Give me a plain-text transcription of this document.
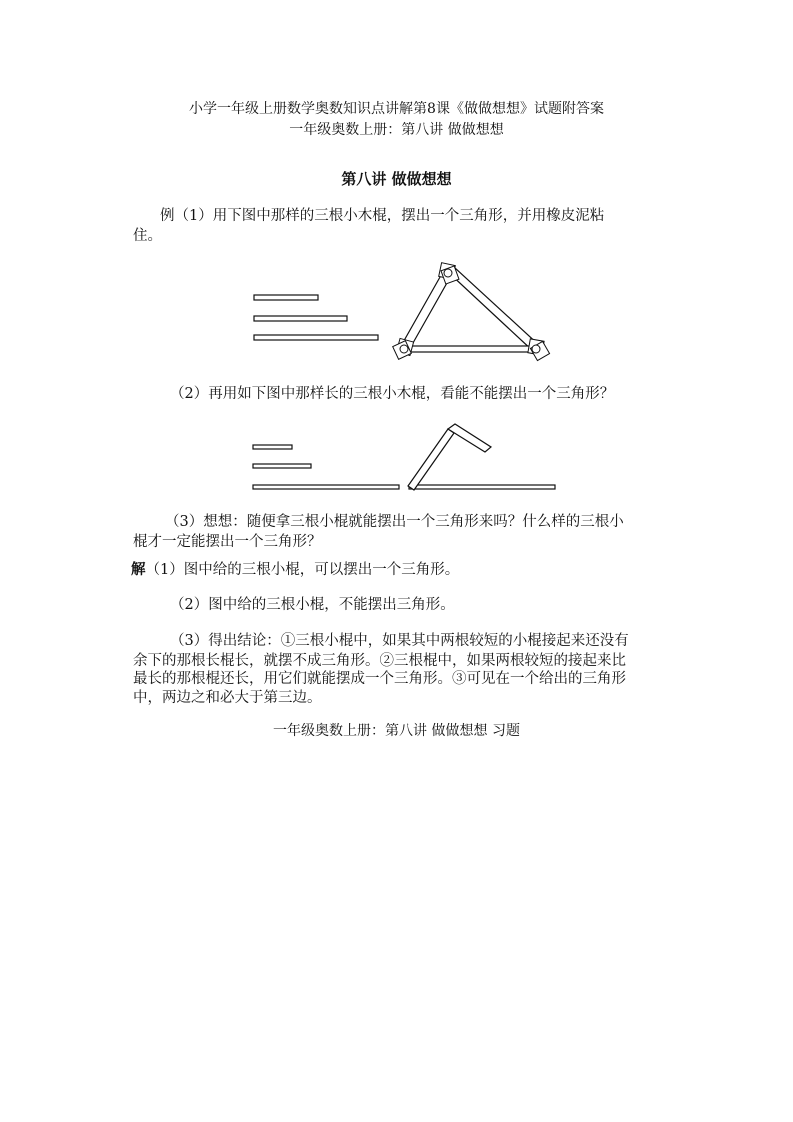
小学一年级上册数学奥数知识点讲解第8课《做做想想》试题附答案
一年级奥数上册：第八讲 做做想想
第八讲 做做想想
例（1）用下图中那样的三根小木棍，摆出一个三角形，并用橡皮泥粘
住。
（2）再用如下图中那样长的三根小木棍，看能不能摆出一个三角形？
（3）想想：随便拿三根小棍就能摆出一个三角形来吗？什么样的三根小
棍才一定能摆出一个三角形？
解（1）图中给的三根小棍，可以摆出一个三角形。
（2）图中给的三根小棍，不能摆出三角形。
（3）得出结论：①三根小棍中，如果其中两根较短的小棍接起来还没有
余下的那根长棍长，就摆不成三角形。②三根棍中，如果两根较短的接起来比
最长的那根棍还长，用它们就能摆成一个三角形。③可见在一个给出的三角形
中，两边之和必大于第三边。
一年级奥数上册：第八讲 做做想想 习题
